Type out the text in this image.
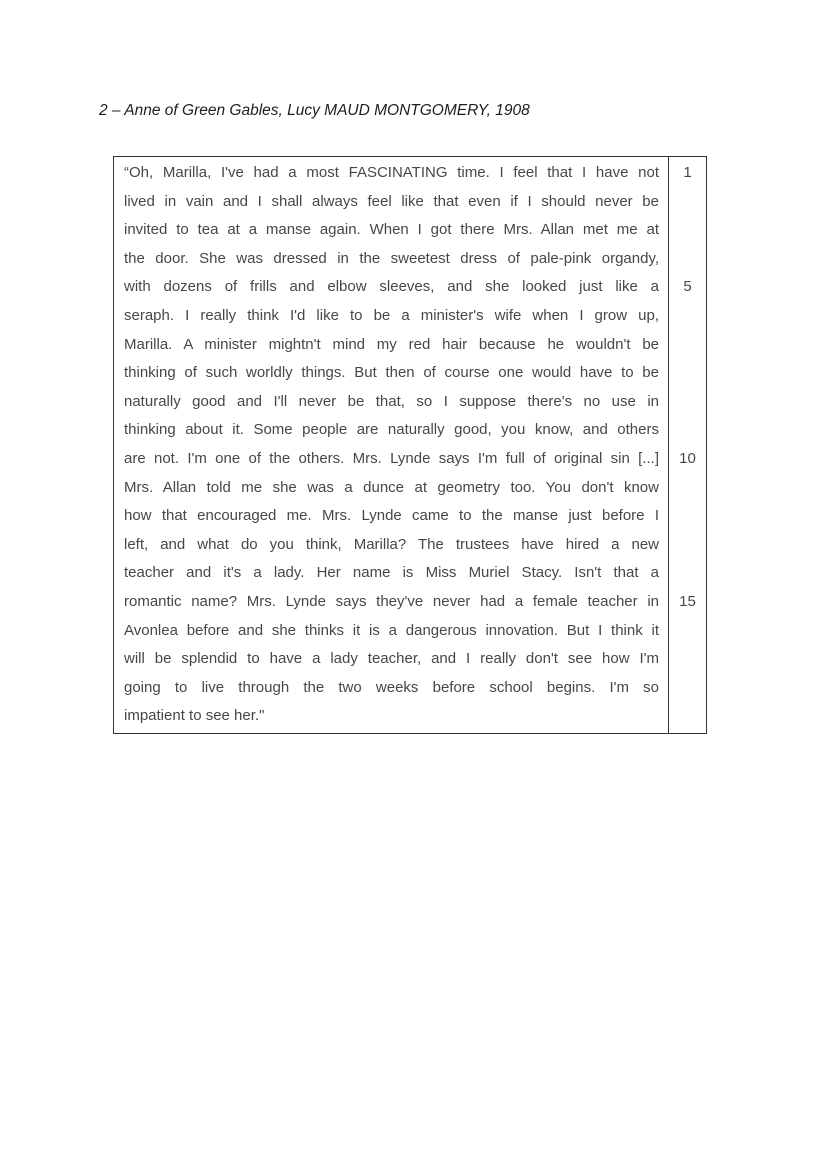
2 – Anne of Green Gables, Lucy MAUD MONTGOMERY, 1908
“Oh, Marilla, I've had a most FASCINATING time. I feel that I have not
lived in vain and I shall always feel like that even if I should never be
invited to tea at a manse again. When I got there Mrs. Allan met me at
the door. She was dressed in the sweetest dress of pale-pink organdy,
with dozens of frills and elbow sleeves, and she looked just like a
seraph. I really think I'd like to be a minister's wife when I grow up,
Marilla. A minister mightn't mind my red hair because he wouldn't be
thinking of such worldly things. But then of course one would have to be
naturally good and I'll never be that, so I suppose there's no use in
thinking about it. Some people are naturally good, you know, and others
are not. I'm one of the others. Mrs. Lynde says I'm full of original sin [...]
Mrs. Allan told me she was a dunce at geometry too. You don't know
how that encouraged me. Mrs. Lynde came to the manse just before I
left, and what do you think, Marilla? The trustees have hired a new
teacher and it's a lady. Her name is Miss Muriel Stacy. Isn't that a
romantic name? Mrs. Lynde says they've never had a female teacher in
Avonlea before and she thinks it is a dangerous innovation. But I think it
will be splendid to have a lady teacher, and I really don't see how I'm
going to live through the two weeks before school begins. I'm so
impatient to see her."
1
5
10
15
